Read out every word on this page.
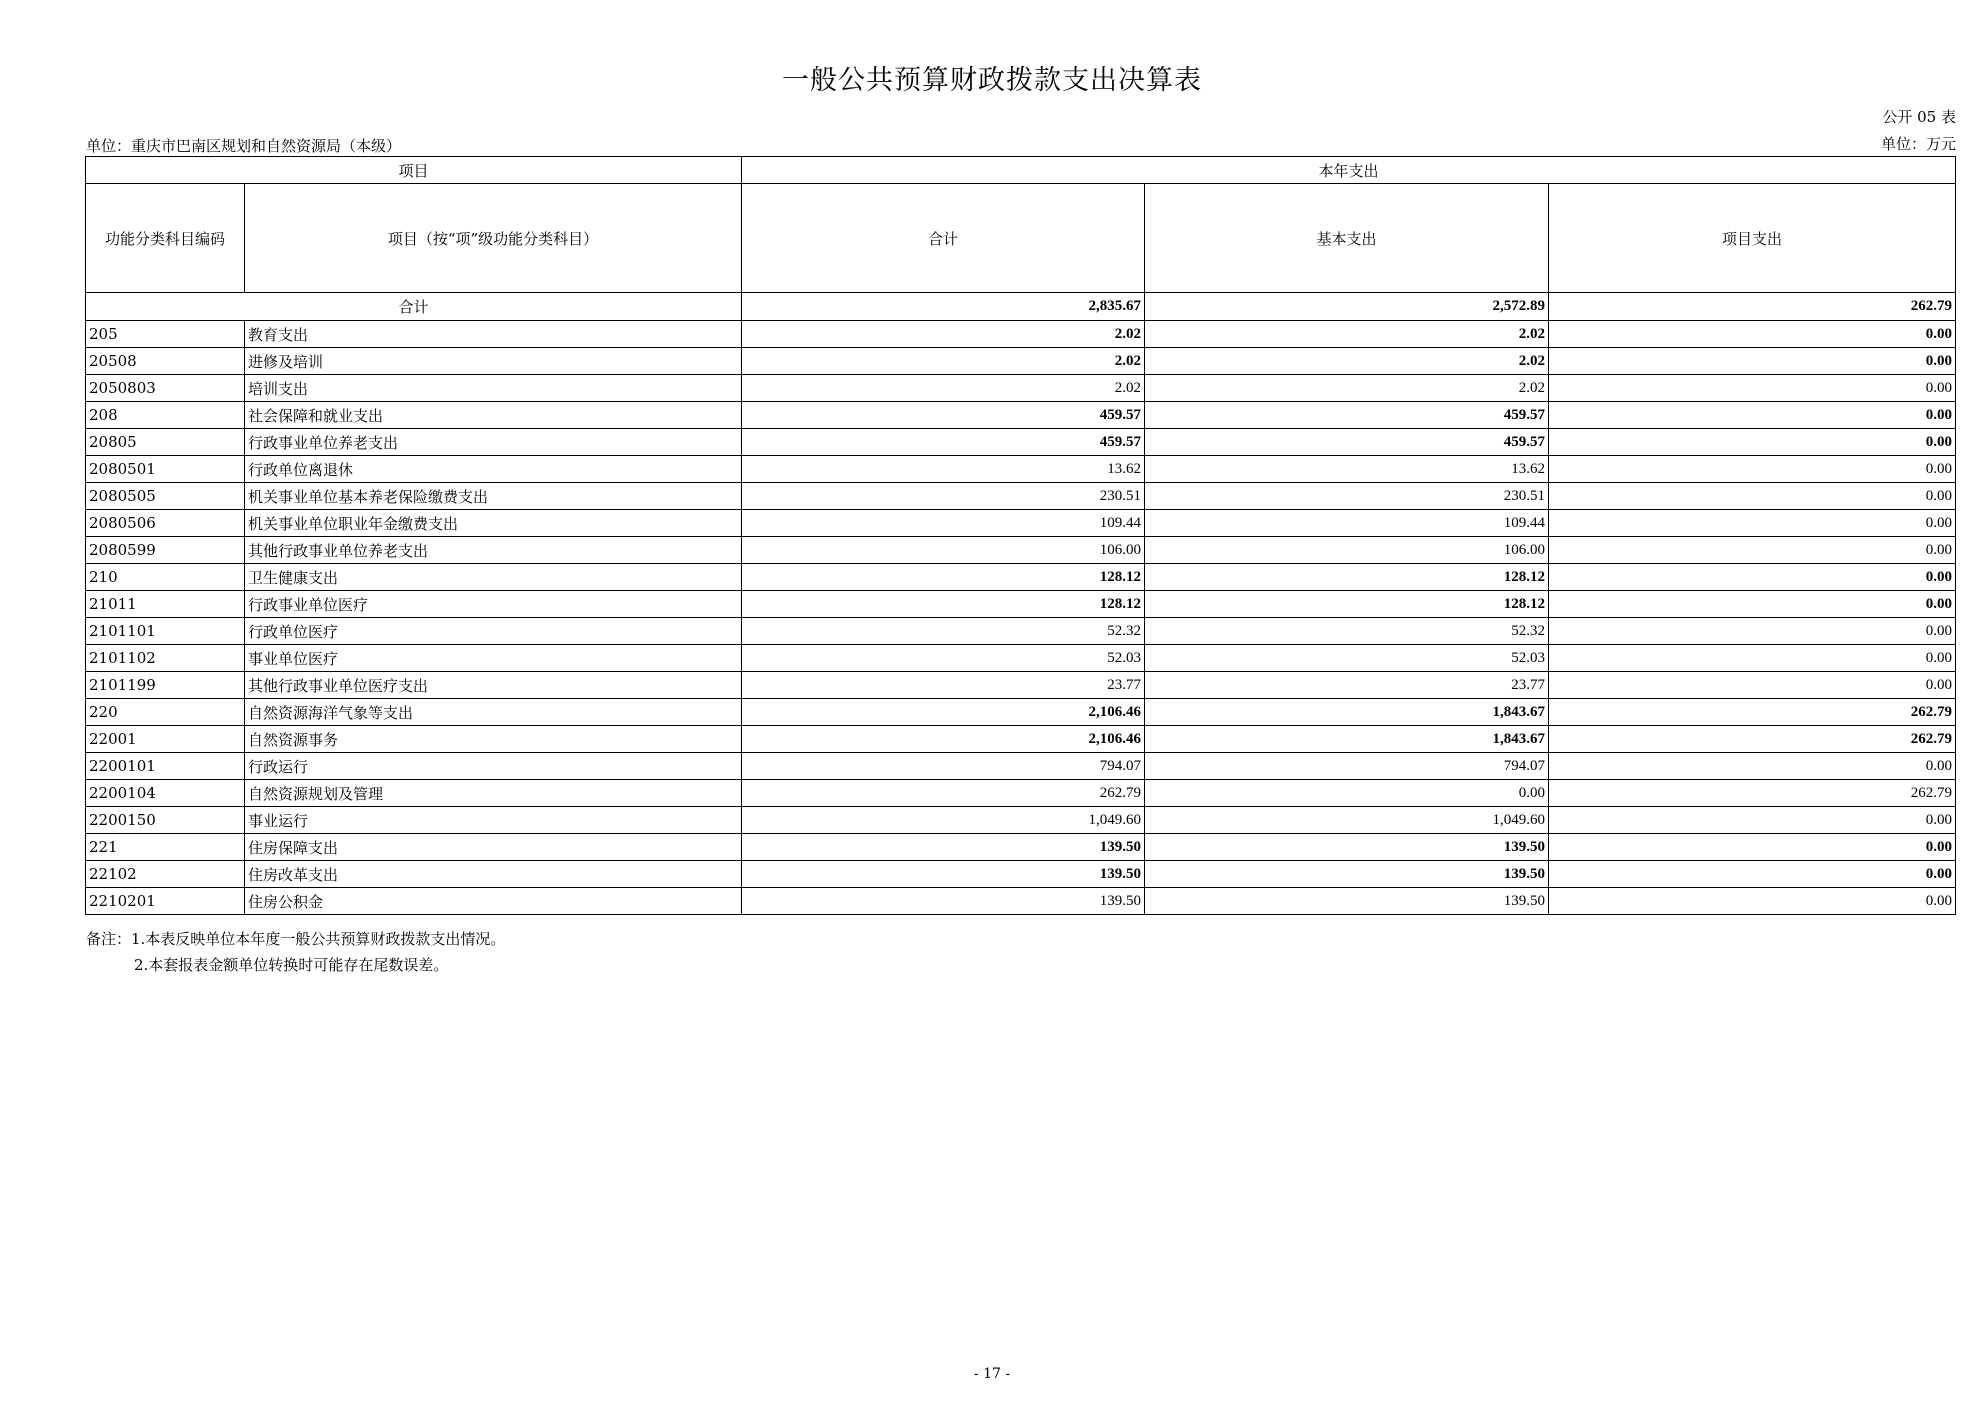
一般公共预算财政拨款支出决算表
公开 05 表
单位：重庆市巴南区规划和自然资源局（本级）	单位：万元
项目		本年支出		
功能分类科目编码	项目（按“项”级功能分类科目）	合计	基本支出	项目支出
合计		2,835.67	2,572.89	262.79
205	教育支出	2.02	2.02	0.00
20508	进修及培训	2.02	2.02	0.00
2050803	培训支出	2.02	2.02	0.00
208	社会保障和就业支出	459.57	459.57	0.00
20805	行政事业单位养老支出	459.57	459.57	0.00
2080501	行政单位离退休	13.62	13.62	0.00
2080505	机关事业单位基本养老保险缴费支出	230.51	230.51	0.00
2080506	机关事业单位职业年金缴费支出	109.44	109.44	0.00
2080599	其他行政事业单位养老支出	106.00	106.00	0.00
210	卫生健康支出	128.12	128.12	0.00
21011	行政事业单位医疗	128.12	128.12	0.00
2101101	行政单位医疗	52.32	52.32	0.00
2101102	事业单位医疗	52.03	52.03	0.00
2101199	其他行政事业单位医疗支出	23.77	23.77	0.00
220	自然资源海洋气象等支出	2,106.46	1,843.67	262.79
22001	自然资源事务	2,106.46	1,843.67	262.79
2200101	行政运行	794.07	794.07	0.00
2200104	自然资源规划及管理	262.79	0.00	262.79
2200150	事业运行	1,049.60	1,049.60	0.00
221	住房保障支出	139.50	139.50	0.00
22102	住房改革支出	139.50	139.50	0.00
2210201	住房公积金	139.50	139.50	0.00
备注：1.本表反映单位本年度一般公共预算财政拨款支出情况。
2.本套报表金额单位转换时可能存在尾数误差。
- 17 -
